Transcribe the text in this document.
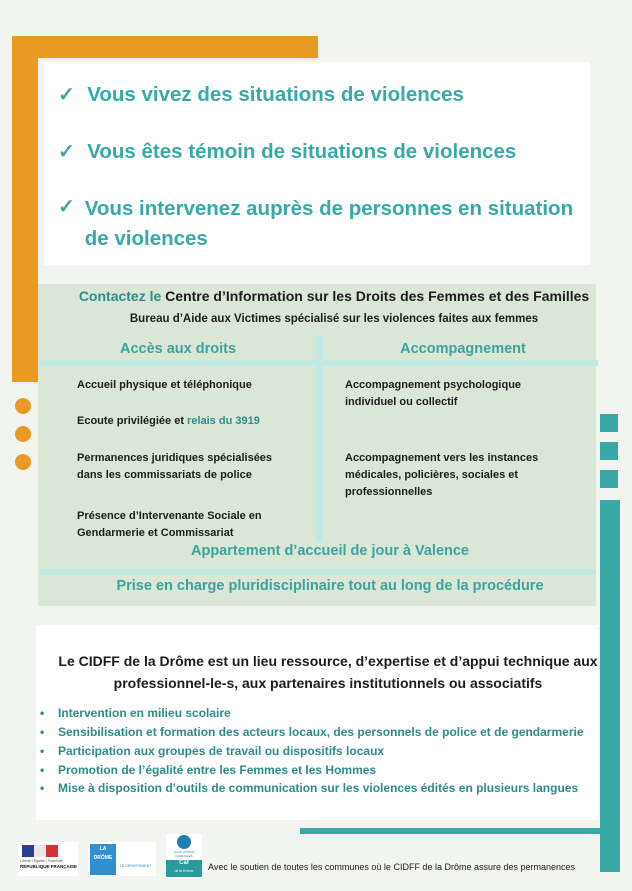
✓ Vous vivez des situations de violences
✓ Vous êtes témoin de situations de violences
✓ Vous intervenez auprès de personnes en situation de violences
Contactez le Centre d’Information sur les Droits des Femmes et des Familles
Bureau d’Aide aux Victimes spécialisé sur les violences faites aux femmes
Accès aux droits	Accompagnement
Accueil physique et téléphonique
Ecoute privilégiée et relais du 3919
Permanences juridiques spécialisées dans les commissariats de police
Présence d’Intervenante Sociale en Gendarmerie et Commissariat
Accompagnement psychologique individuel ou collectif
Accompagnement vers les instances médicales, policières, sociales et professionnelles
Appartement d’accueil de jour à Valence
Prise en charge pluridisciplinaire tout au long de la procédure
Le CIDFF de la Drôme est un lieu ressource, d’expertise et d’appui technique aux professionnel-le-s, aux partenaires institutionnels ou associatifs
• Intervention en milieu scolaire
• Sensibilisation et formation des acteurs locaux, des personnels de police et de gendarmerie
• Participation aux groupes de travail ou dispositifs locaux
• Promotion de l’égalité entre les Femmes et les Hommes
• Mise à disposition d’outils de communication sur les violences édités en plusieurs langues
Liberté • Égalité • Fraternité
RÉPUBLIQUE FRANÇAISE
LA DRÔME
LE DÉPARTEMENT
ALLOCATIONS FAMILIALES
Caf
de la Drôme	Avec le soutien de toutes les communes où le CIDFF de la Drôme assure des permanences
